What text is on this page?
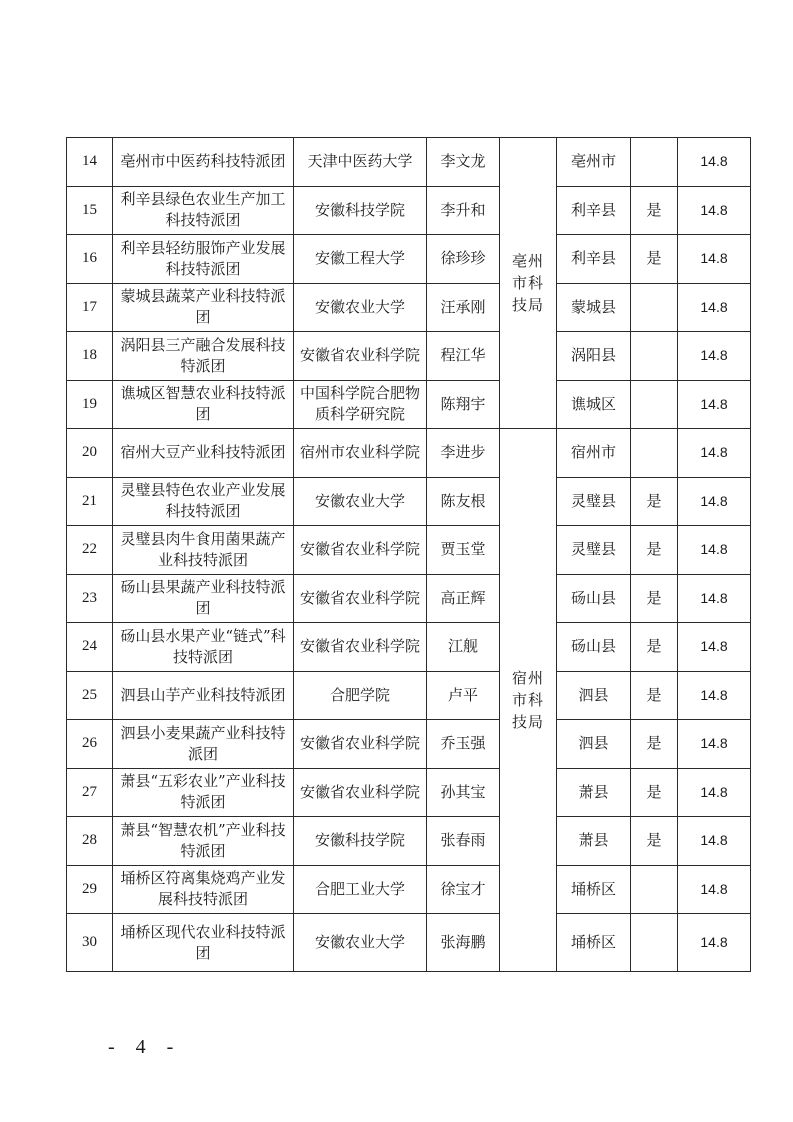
14	亳州市中医药科技特派团	天津中医药大学	李文龙	亳州市科技局	亳州市		14.8
15	利辛县绿色农业生产加工科技特派团	安徽科技学院	李升和		利辛县	是	14.8
16	利辛县轻纺服饰产业发展科技特派团	安徽工程大学	徐珍珍		利辛县	是	14.8
17	蒙城县蔬菜产业科技特派团	安徽农业大学	汪承刚		蒙城县		14.8
18	涡阳县三产融合发展科技特派团	安徽省农业科学院	程江华		涡阳县		14.8
19	谯城区智慧农业科技特派团	中国科学院合肥物质科学研究院	陈翔宇		谯城区		14.8
20	宿州大豆产业科技特派团	宿州市农业科学院	李进步	宿州市科技局	宿州市		14.8
21	灵璧县特色农业产业发展科技特派团	安徽农业大学	陈友根		灵璧县	是	14.8
22	灵璧县肉牛食用菌果蔬产业科技特派团	安徽省农业科学院	贾玉堂		灵璧县	是	14.8
23	砀山县果蔬产业科技特派团	安徽省农业科学院	高正辉		砀山县	是	14.8
24	砀山县水果产业“链式”科技特派团	安徽省农业科学院	江舰		砀山县	是	14.8
25	泗县山芋产业科技特派团	合肥学院	卢平		泗县	是	14.8
26	泗县小麦果蔬产业科技特派团	安徽省农业科学院	乔玉强		泗县	是	14.8
27	萧县“五彩农业”产业科技特派团	安徽省农业科学院	孙其宝		萧县	是	14.8
28	萧县“智慧农机”产业科技特派团	安徽科技学院	张春雨		萧县	是	14.8
29	埇桥区符离集烧鸡产业发展科技特派团	合肥工业大学	徐宝才		埇桥区		14.8
30	埇桥区现代农业科技特派团	安徽农业大学	张海鹏		埇桥区		14.8
- 4 -
